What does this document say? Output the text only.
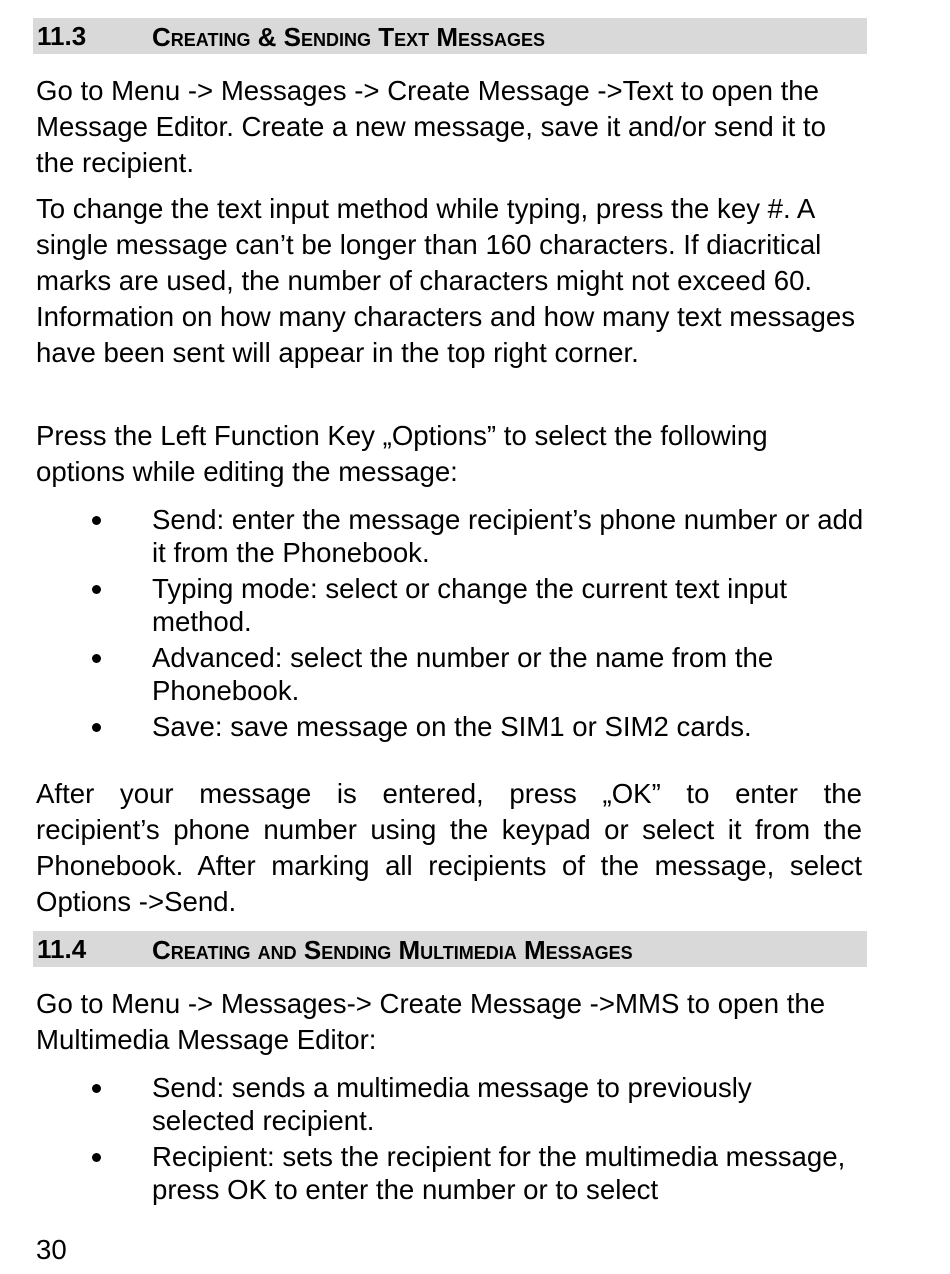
11.3	Creating & Sending Text Messages

Go to Menu -> Messages -> Create Message ->Text to open the Message Editor. Create a new message, save it and/or send it to the recipient.

To change the text input method while typing, press the key #. A single message can’t be longer than 160 characters. If diacritical marks are used, the number of characters might not exceed 60. Information on how many characters and how many text messages have been sent will appear in the top right corner.

Press the Left Function Key „Options” to select the following options while editing the message:

Send: enter the message recipient’s phone number or add it from the Phonebook.
Typing mode: select or change the current text input method.
Advanced: select the number or the name from the Phonebook.
Save: save message on the SIM1 or SIM2 cards.

After your message is entered, press „OK” to enter the
recipient’s phone number using the keypad or select it from the
Phonebook. After marking all recipients of the message, select
Options ->Send.

11.4	Creating and Sending Multimedia Messages

Go to Menu -> Messages-> Create Message ->MMS to open the Multimedia Message Editor:

Send: sends a multimedia message to previously selected recipient.
Recipient: sets the recipient for the multimedia message, press OK to enter the number or to select
30
